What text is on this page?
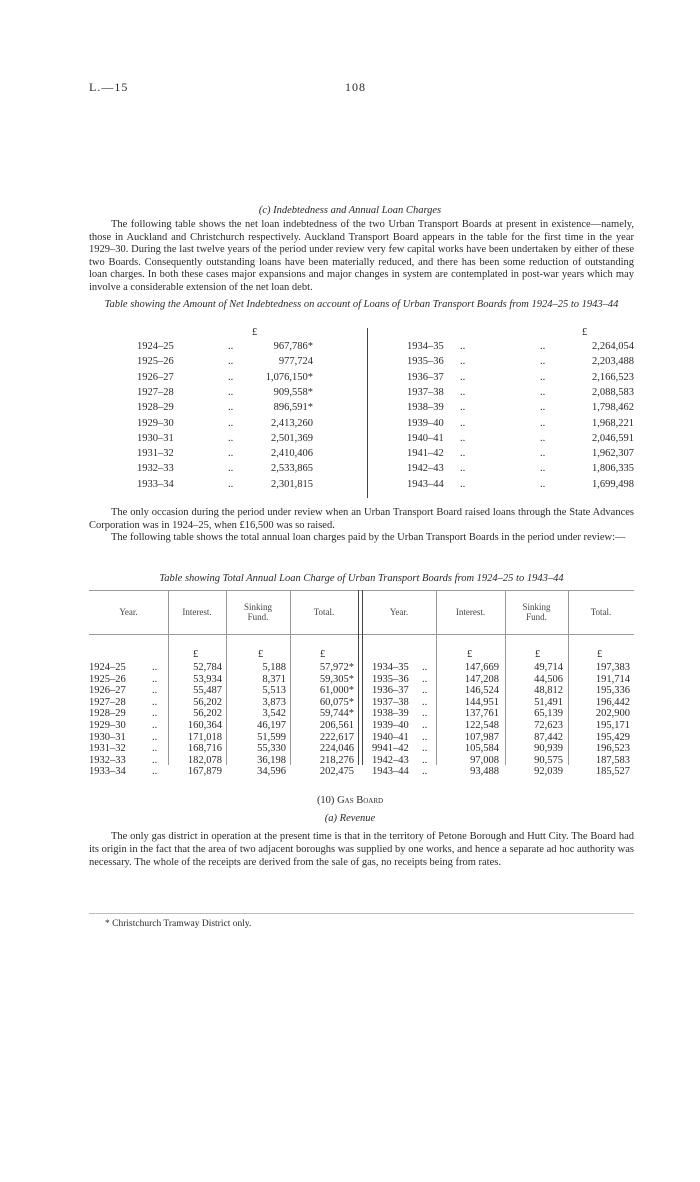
L.—15	108
(c) Indebtedness and Annual Loan Charges

The following table shows the net loan indebtedness of the two Urban Transport Boards at present in existence—namely, those in Auckland and Christchurch respectively. Auckland Transport Board appears in the table for the first time in the year 1929–30. During the last twelve years of the period under review very few capital works have been undertaken by either of these two Boards. Consequently outstanding loans have been materially reduced, and there has been some reduction of outstanding loan charges. In both these cases major expansions and major changes in system are contemplated in post-war years which may involve a considerable extension of the net loan debt.

Table showing the Amount of Net Indebtedness on account of Loans of Urban Transport Boards from 1924–25 to 1943–44
£	£
1924–25	..	967,786*
1925–26	..	977,724
1926–27	..	1,076,150*
1927–28	..	909,558*
1928–29	..	896,591*
1929–30	..	2,413,260
1930–31	..	2,501,369
1931–32	..	2,410,406
1932–33	..	2,533,865
1933–34	..	2,301,815
1934–35 ..	..	2,264,054
1935–36 ..	..	2,203,488
1936–37 ..	..	2,166,523
1937–38 ..	..	2,088,583
1938–39 ..	..	1,798,462
1939–40 ..	..	1,968,221
1940–41 ..	..	2,046,591
1941–42 ..	..	1,962,307
1942–43 ..	..	1,806,335
1943–44 ..	..	1,699,498

The only occasion during the period under review when an Urban Transport Board raised loans through the State Advances Corporation was in 1924–25, when £16,500 was so raised.

The following table shows the total annual loan charges paid by the Urban Transport Boards in the period under review:—

Table showing Total Annual Loan Charge of Urban Transport Boards from 1924–25 to 1943–44
Year.	Interest.	Sinking
Fund.	Total.	Year.	Interest.	Sinking
Fund.	Total.
£	£	£	£	£	£
1924–25	..	52,784	5,188	57,972*
1925–26	..	53,934	8,371	59,305*
1926–27	..	55,487	5,513	61,000*
1927–28	..	56,202	3,873	60,075*
1928–29	..	56,202	3,542	59,744*
1929–30	..	160,364	46,197	206,561
1930–31	..	171,018	51,599	222,617
1931–32	..	168,716	55,330	224,046
1932–33	..	182,078	36,198	218,276
1933–34	..	167,879	34,596	202,475
1934–35 ..	147,669	49,714	197,383
1935–36 ..	147,208	44,506	191,714
1936–37 ..	146,524	48,812	195,336
1937–38 ..	144,951	51,491	196,442
1938–39 ..	137,761	65,139	202,900
1939–40 ..	122,548	72,623	195,171
1940–41 ..	107,987	87,442	195,429
9941–42 ..	105,584	90,939	196,523
1942–43 ..	97,008	90,575	187,583
1943–44 ..	93,488	92,039	185,527
(10) Gas Board
(a) Revenue

The only gas district in operation at the present time is that in the territory of Petone Borough and Hutt City. The Board had its origin in the fact that the area of two adjacent boroughs was supplied by one works, and hence a separate ad hoc authority was necessary. The whole of the receipts are derived from the sale of gas, no receipts being from rates.

* Christchurch Tramway District only.
